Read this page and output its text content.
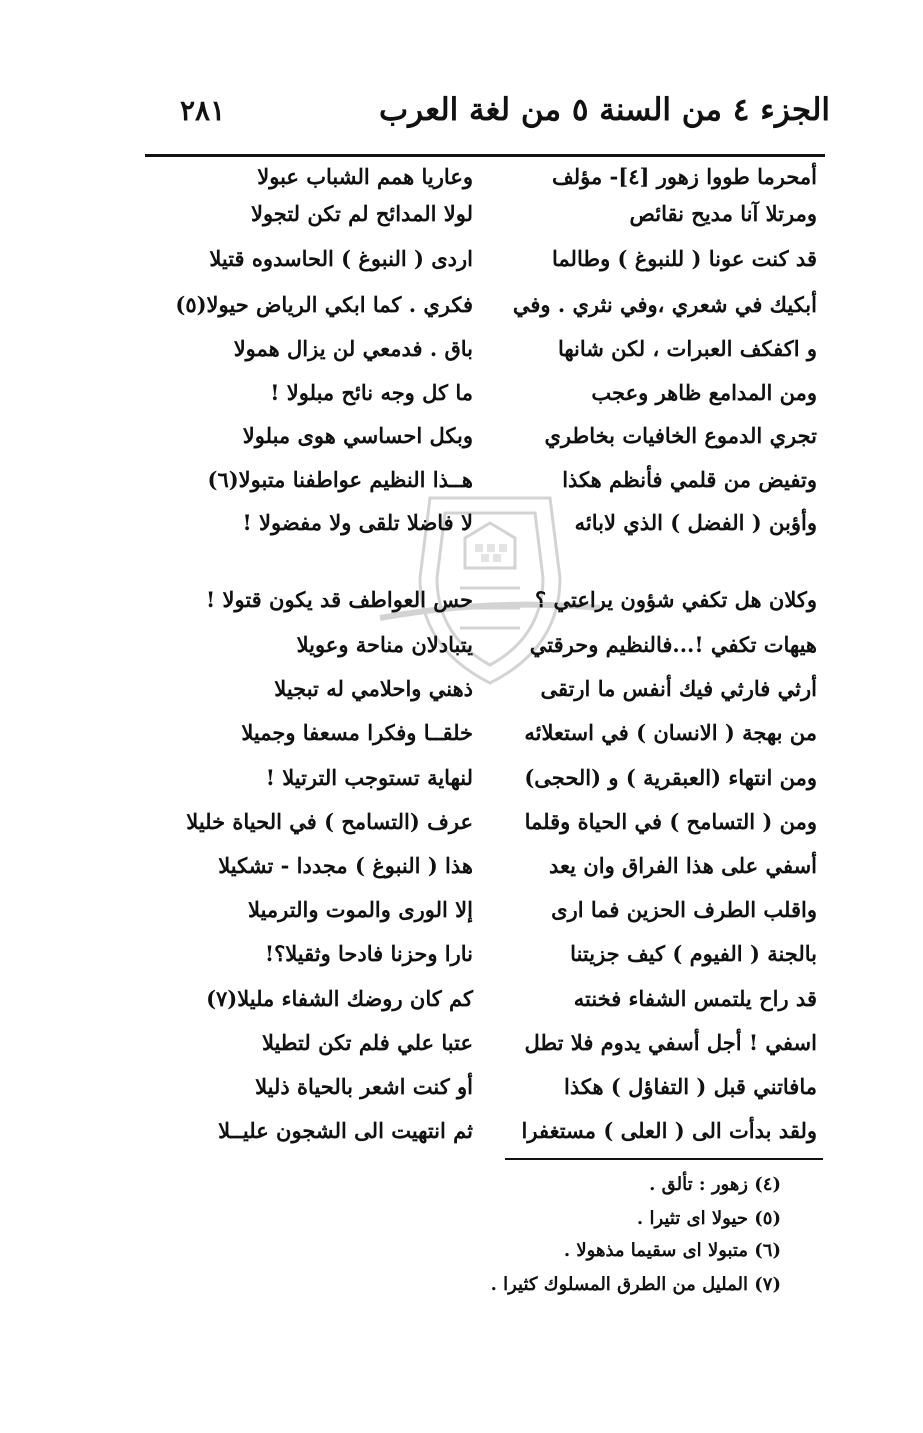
الجزء ٤ من السنة ٥ من لغة العرب
٢٨١
أمحرما طووا زهور [٤]- مؤلف
ومرتلا آنا مديح نقائص
قد كنت عونا ( للنبوغ ) وطالما
أبكيك في شعري ،وفي نثري . وفي
و اكفكف العبرات ، لكن شانها
ومن المدامع ظاهر وعجب
تجري الدموع الخافيات بخاطري
وتفيض من قلمي فأنظم هكذا
وأؤبن ( الفضل ) الذي لابائه
وكلان هل تكفي شؤون يراعتي ؟
هيهات تكفي !...فالنظيم وحرقتي
أرثي فارثي فيك أنفس ما ارتقى
من بهجة ( الانسان ) في استعلائه
ومن انتهاء (العبقرية ) و (الحجى)
ومن ( التسامح ) في الحياة وقلما
أسفي على هذا الفراق وان يعد
واقلب الطرف الحزين فما ارى
بالجنة ( الفيوم ) كيف جزيتنا
قد راح يلتمس الشفاء فخنته
اسفي ! أجل أسفي يدوم فلا تطل
مافاتني قبل ( التفاؤل ) هكذا
ولقد بدأت الى ( العلى ) مستغفرا
وعاريا همم الشباب عبولا
لولا المدائح لم تكن لتجولا
اردى ( النبوغ ) الحاسدوه قتيلا
فكري . كما ابكي الرياض حيولا(٥)
باق . فدمعي لن يزال همولا
ما كل وجه نائح مبلولا !
وبكل احساسي هوى مبلولا
هــذا النظيم عواطفنا متبولا(٦)
لا فاضلا تلقى ولا مفضولا !
حس العواطف قد يكون قتولا !
يتبادلان مناحة وعويلا
ذهني واحلامي له تبجيلا
خلقــا وفكرا مسعفا وجميلا
لنهاية تستوجب الترتيلا !
عرف (التسامح ) في الحياة خليلا
هذا ( النبوغ ) مجددا - تشكيلا
إلا الورى والموت والترميلا
نارا وحزنا فادحا وثقيلا؟!
كم كان روضك الشفاء مليلا(٧)
عتبا علي فلم تكن لتطيلا
أو كنت اشعر بالحياة ذليلا
ثم انتهيت الى الشجون عليــلا
(٤) زهور : تألق .
(٥) حيولا اى تثيرا .
(٦) متبولا اى سقيما مذهولا .
(٧) المليل من الطرق المسلوك كثيرا .
